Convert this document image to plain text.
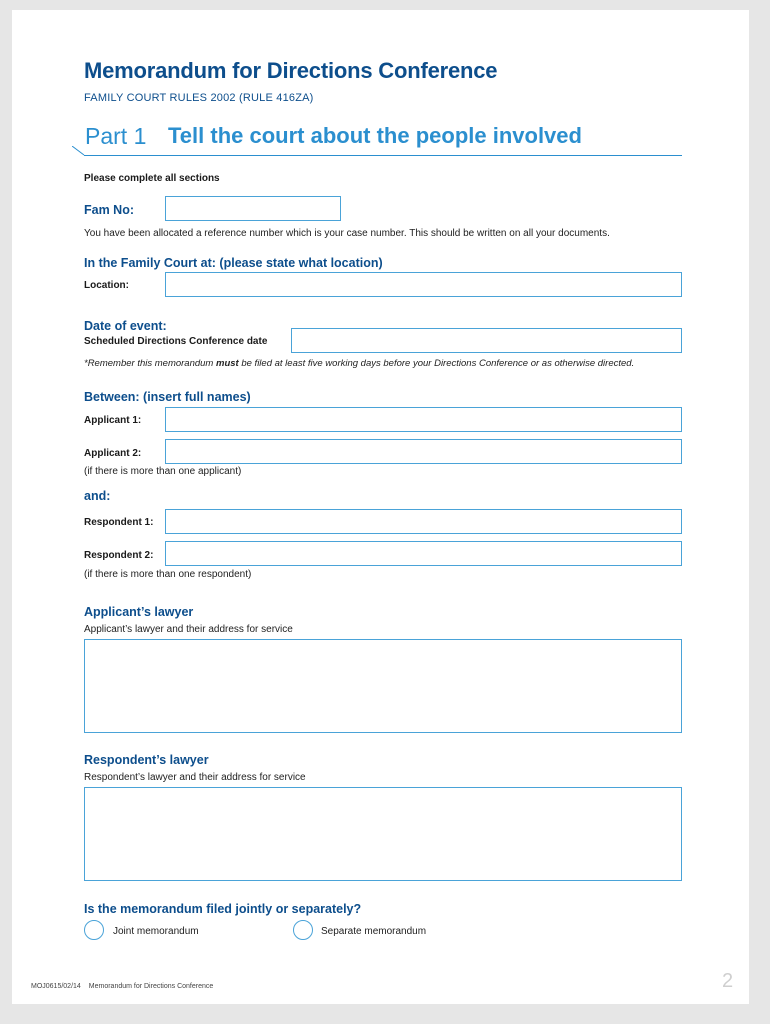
Memorandum for Directions Conference
FAMILY COURT RULES 2002 (RULE 416ZA)
Part 1 Tell the court about the people involved
Please complete all sections
Fam No:
You have been allocated a reference number which is your case number. This should be written on all your documents.
In the Family Court at: (please state what location)
Location:
Date of event:
Scheduled Directions Conference date
*Remember this memorandum must be filed at least five working days before your Directions Conference or as otherwise directed.
Between: (insert full names)
Applicant 1:
Applicant 2:
(if there is more than one applicant)
and:
Respondent 1:
Respondent 2:
(if there is more than one respondent)
Applicant’s lawyer
Applicant’s lawyer and their address for service
Respondent’s lawyer
Respondent’s lawyer and their address for service
Is the memorandum filed jointly or separately?
Joint memorandum	Separate memorandum
MOJ0615/02/14 Memorandum for Directions Conference	2
